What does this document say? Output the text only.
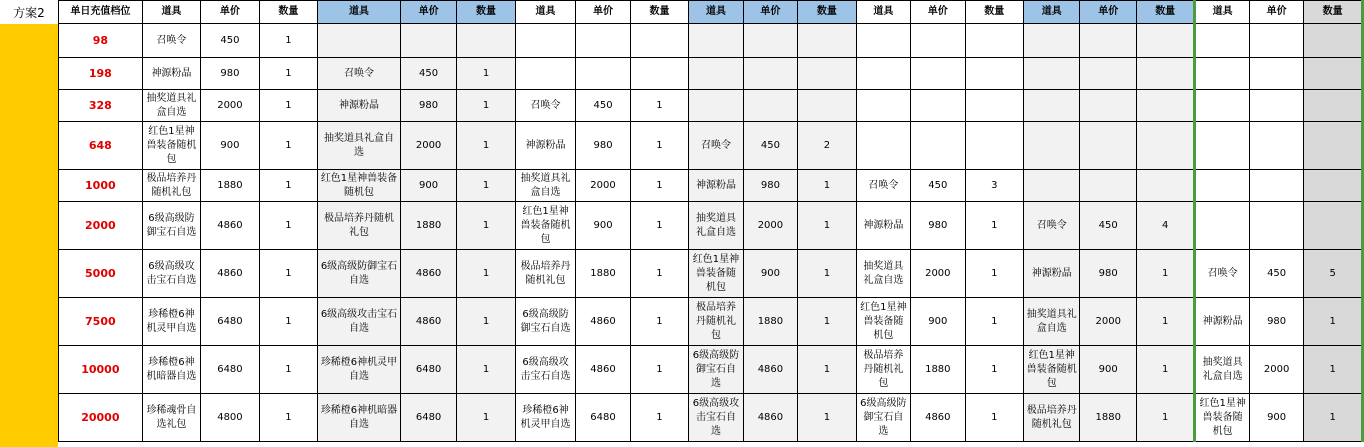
方案2	单日充值档位	道具	单价	数量	道具	单价	数量	道具	单价	数量	道具	单价	数量	道具	单价	数量	道具	单价	数量	道具	单价	数量
98	召唤令	450	1																		
198	神源粉晶	980	1	召唤令	450	1															
328	抽奖道具礼盒自选	2000	1	神源粉晶	980	1	召唤令	450	1												
648	红色1星神兽装备随机包	900	1	抽奖道具礼盒自选	2000	1	神源粉晶	980	1	召唤令	450	2									
1000	极品培养丹随机礼包	1880	1	红色1星神兽装备随机包	900	1	抽奖道具礼盒自选	2000	1	神源粉晶	980	1	召唤令	450	3						
2000	6级高级防御宝石自选	4860	1	极品培养丹随机礼包	1880	1	红色1星神兽装备随机包	900	1	抽奖道具礼盒自选	2000	1	神源粉晶	980	1	召唤令	450	4			
5000	6级高级攻击宝石自选	4860	1	6级高级防御宝石自选	4860	1	极品培养丹随机礼包	1880	1	红色1星神兽装备随机包	900	1	抽奖道具礼盒自选	2000	1	神源粉晶	980	1	召唤令	450	5
7500	珍稀橙6神机灵甲自选	6480	1	6级高级攻击宝石自选	4860	1	6级高级防御宝石自选	4860	1	极品培养丹随机礼包	1880	1	红色1星神兽装备随机包	900	1	抽奖道具礼盒自选	2000	1	神源粉晶	980	1
10000	珍稀橙6神机暗器自选	6480	1	珍稀橙6神机灵甲自选	6480	1	6级高级攻击宝石自选	4860	1	6级高级防御宝石自选	4860	1	极品培养丹随机礼包	1880	1	红色1星神兽装备随机包	900	1	抽奖道具礼盒自选	2000	1
20000	珍稀魂骨自选礼包	4800	1	珍稀橙6神机暗器自选	6480	1	珍稀橙6神机灵甲自选	6480	1	6级高级攻击宝石自选	4860	1	6级高级防御宝石自选	4860	1	极品培养丹随机礼包	1880	1	红色1星神兽装备随机包	900	1
